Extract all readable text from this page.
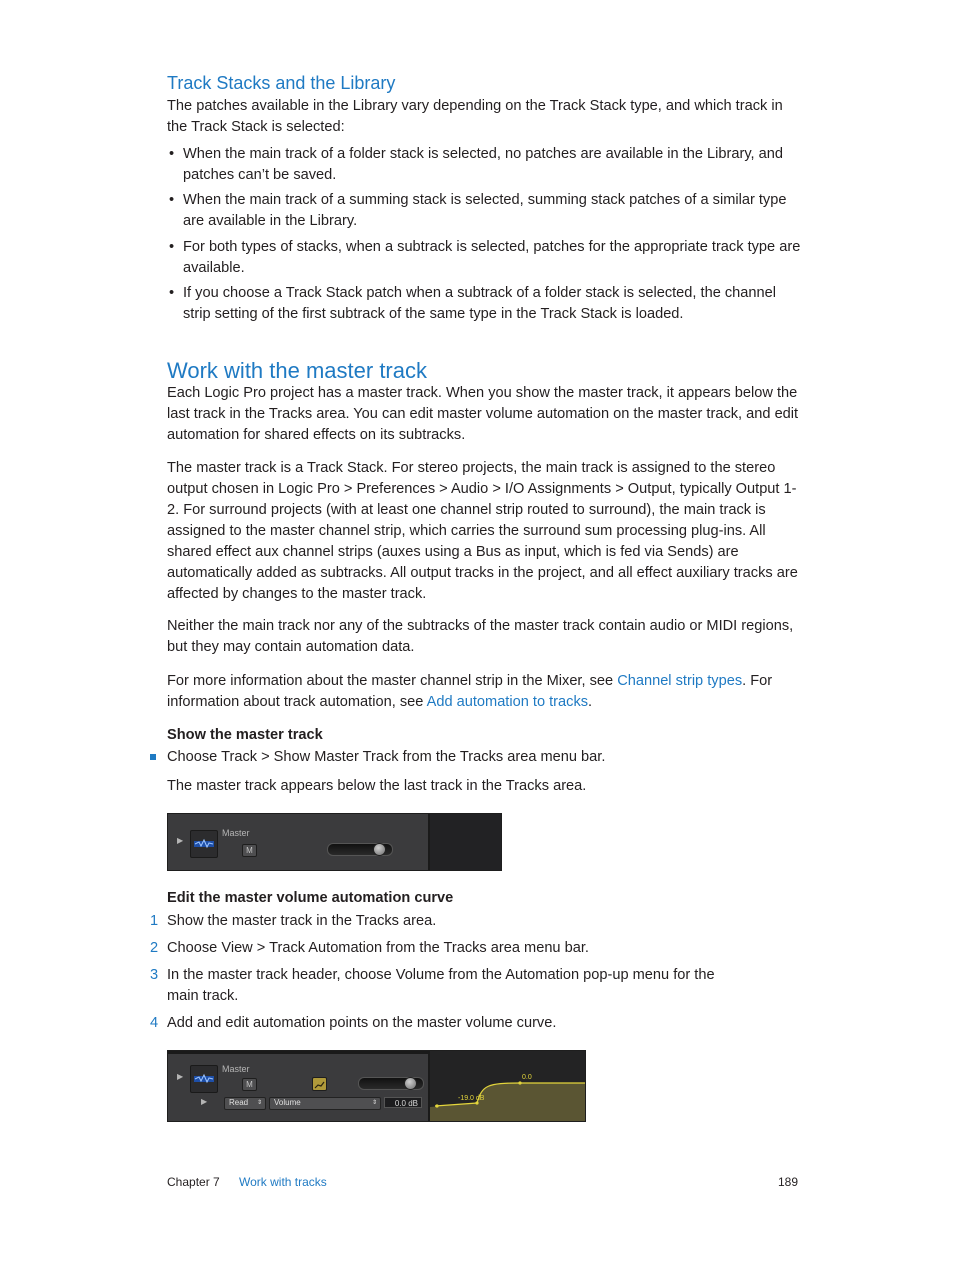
Track Stacks and the Library
The patches available in the Library vary depending on the Track Stack type, and which track in the Track Stack is selected:
• When the main track of a folder stack is selected, no patches are available in the Library, and patches can’t be saved.
• When the main track of a summing stack is selected, summing stack patches of a similar type are available in the Library.
• For both types of stacks, when a subtrack is selected, patches for the appropriate track type are available.
• If you choose a Track Stack patch when a subtrack of a folder stack is selected, the channel strip setting of the first subtrack of the same type in the Track Stack is loaded.
Work with the master track
Each Logic Pro project has a master track. When you show the master track, it appears below the last track in the Tracks area. You can edit master volume automation on the master track, and edit automation for shared effects on its subtracks.
The master track is a Track Stack. For stereo projects, the main track is assigned to the stereo output chosen in Logic Pro > Preferences > Audio > I/O Assignments > Output, typically Output 1-2. For surround projects (with at least one channel strip routed to surround), the main track is assigned to the master channel strip, which carries the surround sum processing plug-ins. All shared effect aux channel strips (auxes using a Bus as input, which is fed via Sends) are automatically added as subtracks. All output tracks in the project, and all effect auxiliary tracks are affected by changes to the master track.
Neither the main track nor any of the subtracks of the master track contain audio or MIDI regions, but they may contain automation data.
For more information about the master channel strip in the Mixer, see Channel strip types. For information about track automation, see Add automation to tracks.
Show the master track
Choose Track > Show Master Track from the Tracks area menu bar.
The master track appears below the last track in the Tracks area.
▶
Master
M
Edit the master volume automation curve
1 Show the master track in the Tracks area.
2 Choose View > Track Automation from the Tracks area menu bar.
3 In the master track header, choose Volume from the Automation pop-up menu for the main track.
4 Add and edit automation points on the master volume curve.
-19.0 dB
0.0
▶
Master
M
▶	Read ⇕	Volume	⇕	0.0 dB
Chapter 7 Work with tracks	189
